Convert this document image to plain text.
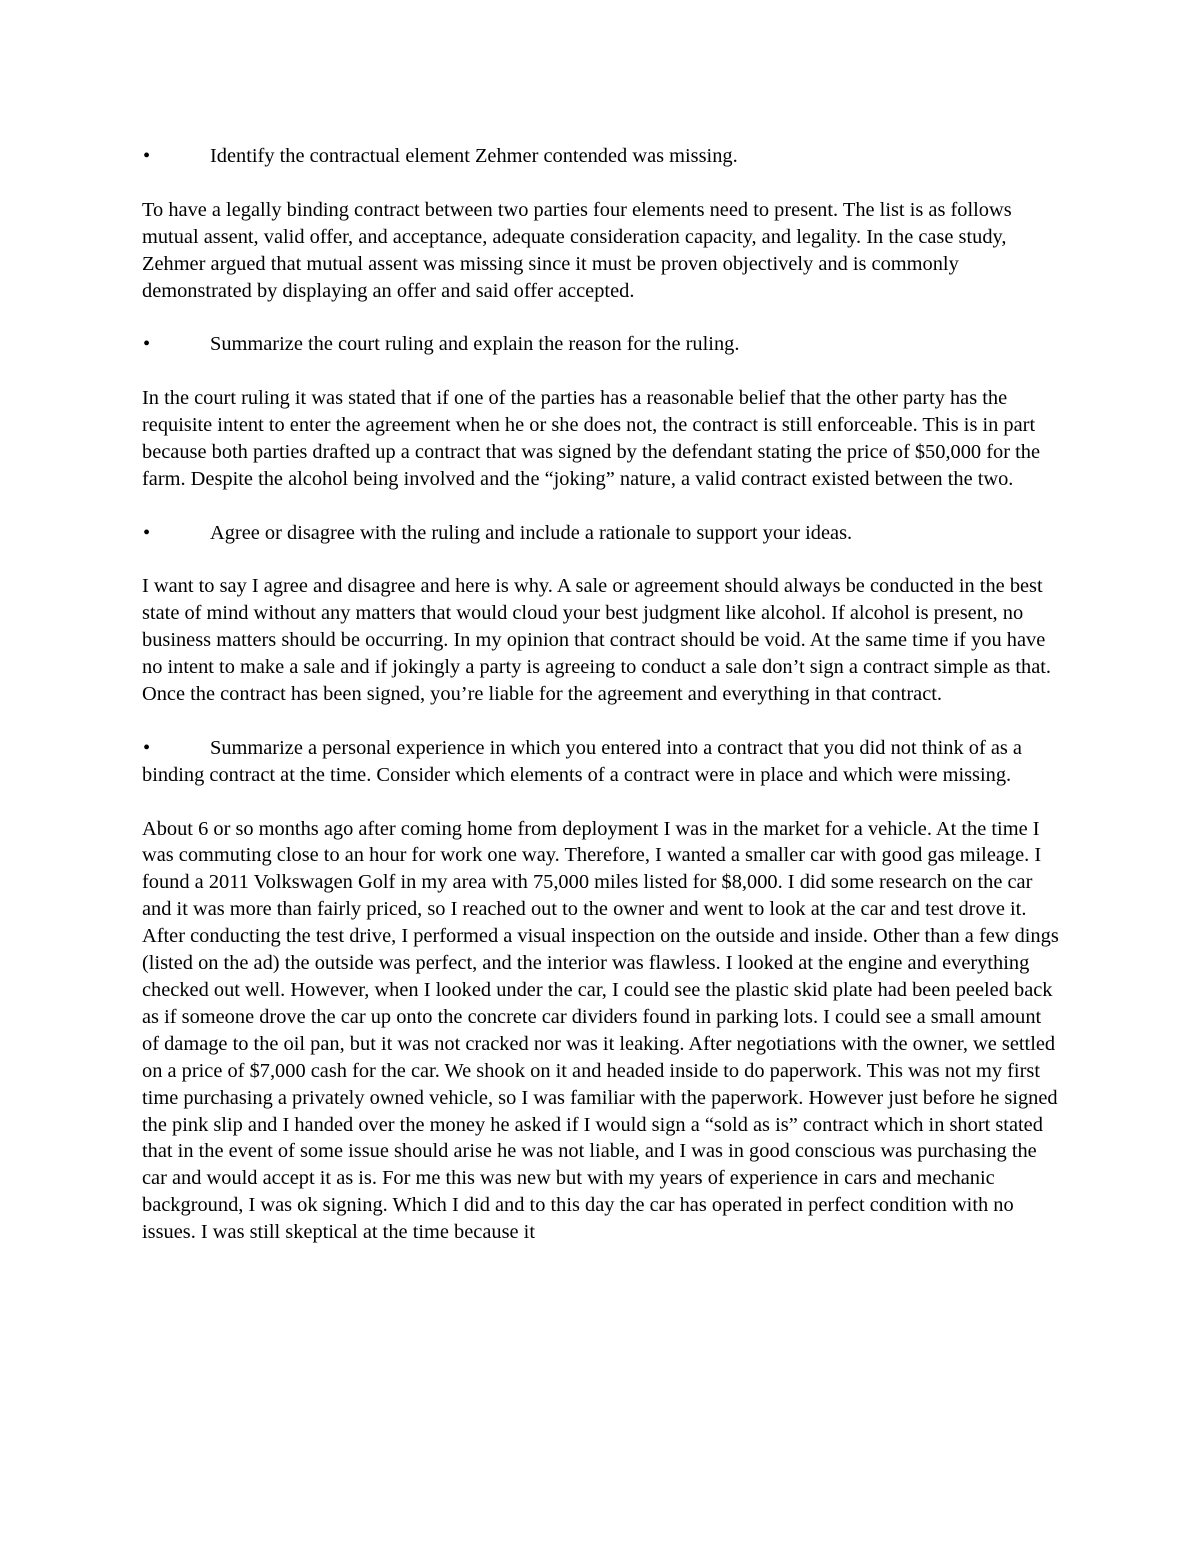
•	Identify the contractual element Zehmer contended was missing.

To have a legally binding contract between two parties four elements need to present. The list is as follows mutual assent, valid offer, and acceptance, adequate consideration capacity, and legality. In the case study, Zehmer argued that mutual assent was missing since it must be proven objectively and is commonly demonstrated by displaying an offer and said offer accepted.

•	Summarize the court ruling and explain the reason for the ruling.

In the court ruling it was stated that if one of the parties has a reasonable belief that the other party has the requisite intent to enter the agreement when he or she does not, the contract is still enforceable. This is in part because both parties drafted up a contract that was signed by the defendant stating the price of $50,000 for the farm. Despite the alcohol being involved and the “joking” nature, a valid contract existed between the two.

•	Agree or disagree with the ruling and include a rationale to support your ideas.

I want to say I agree and disagree and here is why. A sale or agreement should always be conducted in the best state of mind without any matters that would cloud your best judgment like alcohol. If alcohol is present, no business matters should be occurring. In my opinion that contract should be void. At the same time if you have no intent to make a sale and if jokingly a party is agreeing to conduct a sale don’t sign a contract simple as that. Once the contract has been signed, you’re liable for the agreement and everything in that contract.

•	Summarize a personal experience in which you entered into a contract that you did not think of as a binding contract at the time. Consider which elements of a contract were in place and which were missing.

About 6 or so months ago after coming home from deployment I was in the market for a vehicle. At the time I was commuting close to an hour for work one way. Therefore, I wanted a smaller car with good gas mileage. I found a 2011 Volkswagen Golf in my area with 75,000 miles listed for $8,000. I did some research on the car and it was more than fairly priced, so I reached out to the owner and went to look at the car and test drove it. After conducting the test drive, I performed a visual inspection on the outside and inside. Other than a few dings (listed on the ad) the outside was perfect, and the interior was flawless. I looked at the engine and everything checked out well. However, when I looked under the car, I could see the plastic skid plate had been peeled back as if someone drove the car up onto the concrete car dividers found in parking lots. I could see a small amount of damage to the oil pan, but it was not cracked nor was it leaking. After negotiations with the owner, we settled on a price of $7,000 cash for the car. We shook on it and headed inside to do paperwork. This was not my first time purchasing a privately owned vehicle, so I was familiar with the paperwork. However just before he signed the pink slip and I handed over the money he asked if I would sign a “sold as is” contract which in short stated that in the event of some issue should arise he was not liable, and I was in good conscious was purchasing the car and would accept it as is. For me this was new but with my years of experience in cars and mechanic background, I was ok signing. Which I did and to this day the car has operated in perfect condition with no issues. I was still skeptical at the time because it
